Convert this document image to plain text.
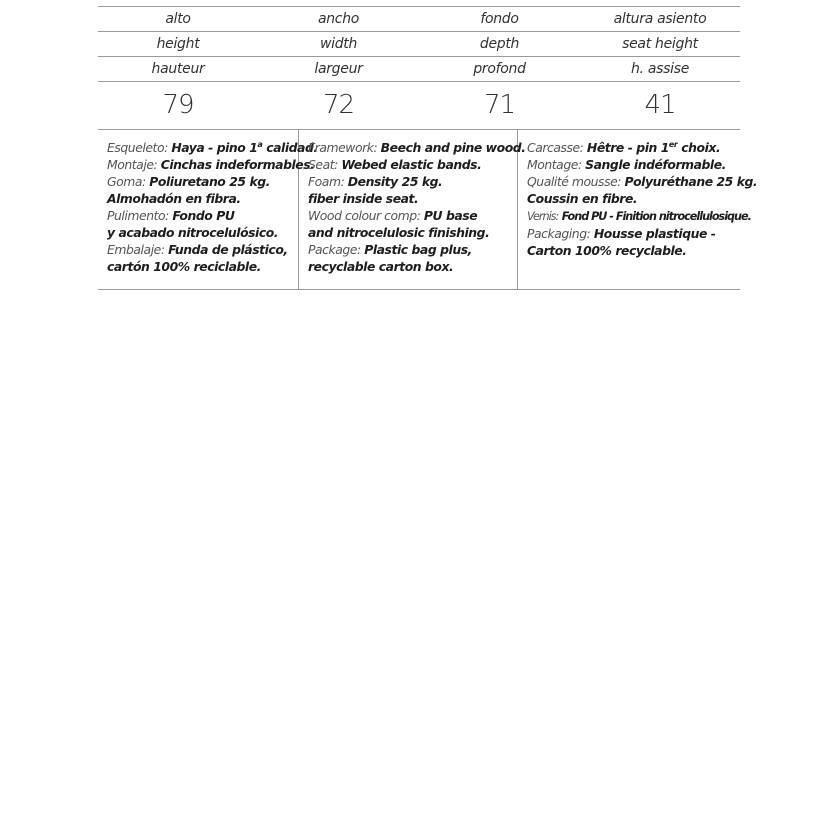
alto	ancho	fondo	altura asiento
height	width	depth	seat height
hauteur	largeur	profond	h. assise
79	72	71	41
Esqueleto: Haya - pino 1$^a$ calidad.
Montaje: Cinchas indeformables.
Goma: Poliuretano 25 kg.
Almohadón en fibra.
Pulimento: Fondo PU
y acabado nitrocelulósico.
Embalaje: Funda de plástico,
cartón 100% reciclable.
Framework: Beech and pine wood.
Seat: Webed elastic bands.
Foam: Density 25 kg.
fiber inside seat.
Wood colour comp: PU base
and nitrocelulosic finishing.
Package: Plastic bag plus,
recyclable carton box.
Carcasse: Hêtre - pin 1er choix.
Montage: Sangle indéformable.
Qualité mousse: Polyuréthane 25 kg.
Coussin en fibre.
Vernis: Fond PU - Finition nitrocellulosique.
Packaging: Housse plastique -
Carton 100% recyclable.
